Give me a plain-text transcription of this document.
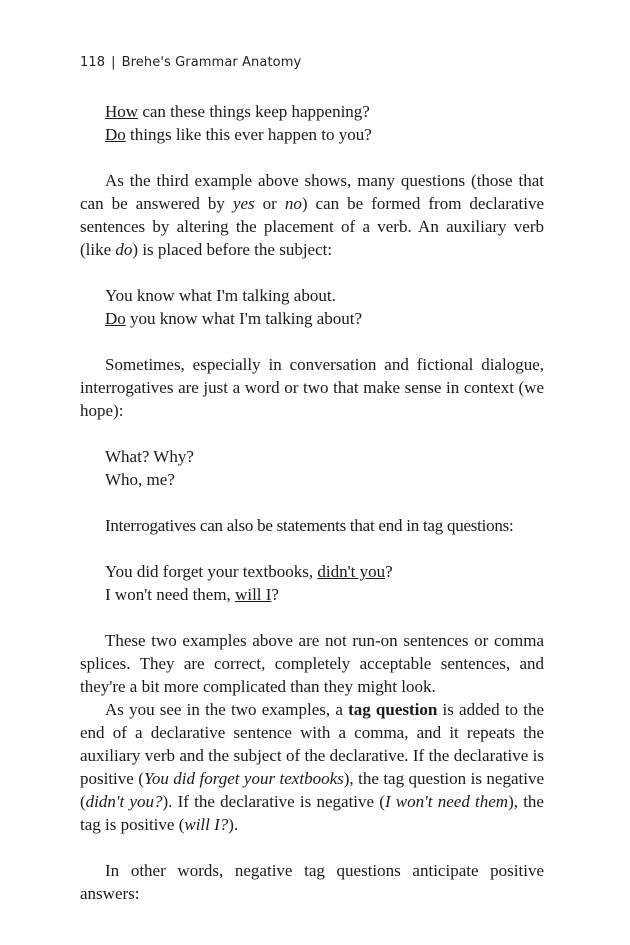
118 | Brehe's Grammar Anatomy
How can these things keep happening?
Do things like this ever happen to you?

As the third example above shows, many questions (those that can be answered by yes or no) can be formed from declarative sentences by altering the placement of a verb. An auxiliary verb (like do) is placed before the subject:

You know what I'm talking about.
Do you know what I'm talking about?

Sometimes, especially in conversation and fictional dialogue, interrogatives are just a word or two that make sense in context (we hope):

What? Why?
Who, me?

Interrogatives can also be statements that end in tag questions:

You did forget your textbooks, didn't you?
I won't need them, will I?

These two examples above are not run-on sentences or comma splices. They are correct, completely acceptable sentences, and they're a bit more complicated than they might look.

As you see in the two examples, a tag question is added to the end of a declarative sentence with a comma, and it repeats the auxiliary verb and the subject of the declarative. If the declarative is positive (You did forget your textbooks), the tag question is negative (didn't you?). If the declarative is negative (I won't need them), the tag is positive (will I?).

In other words, negative tag questions anticipate positive answers:
